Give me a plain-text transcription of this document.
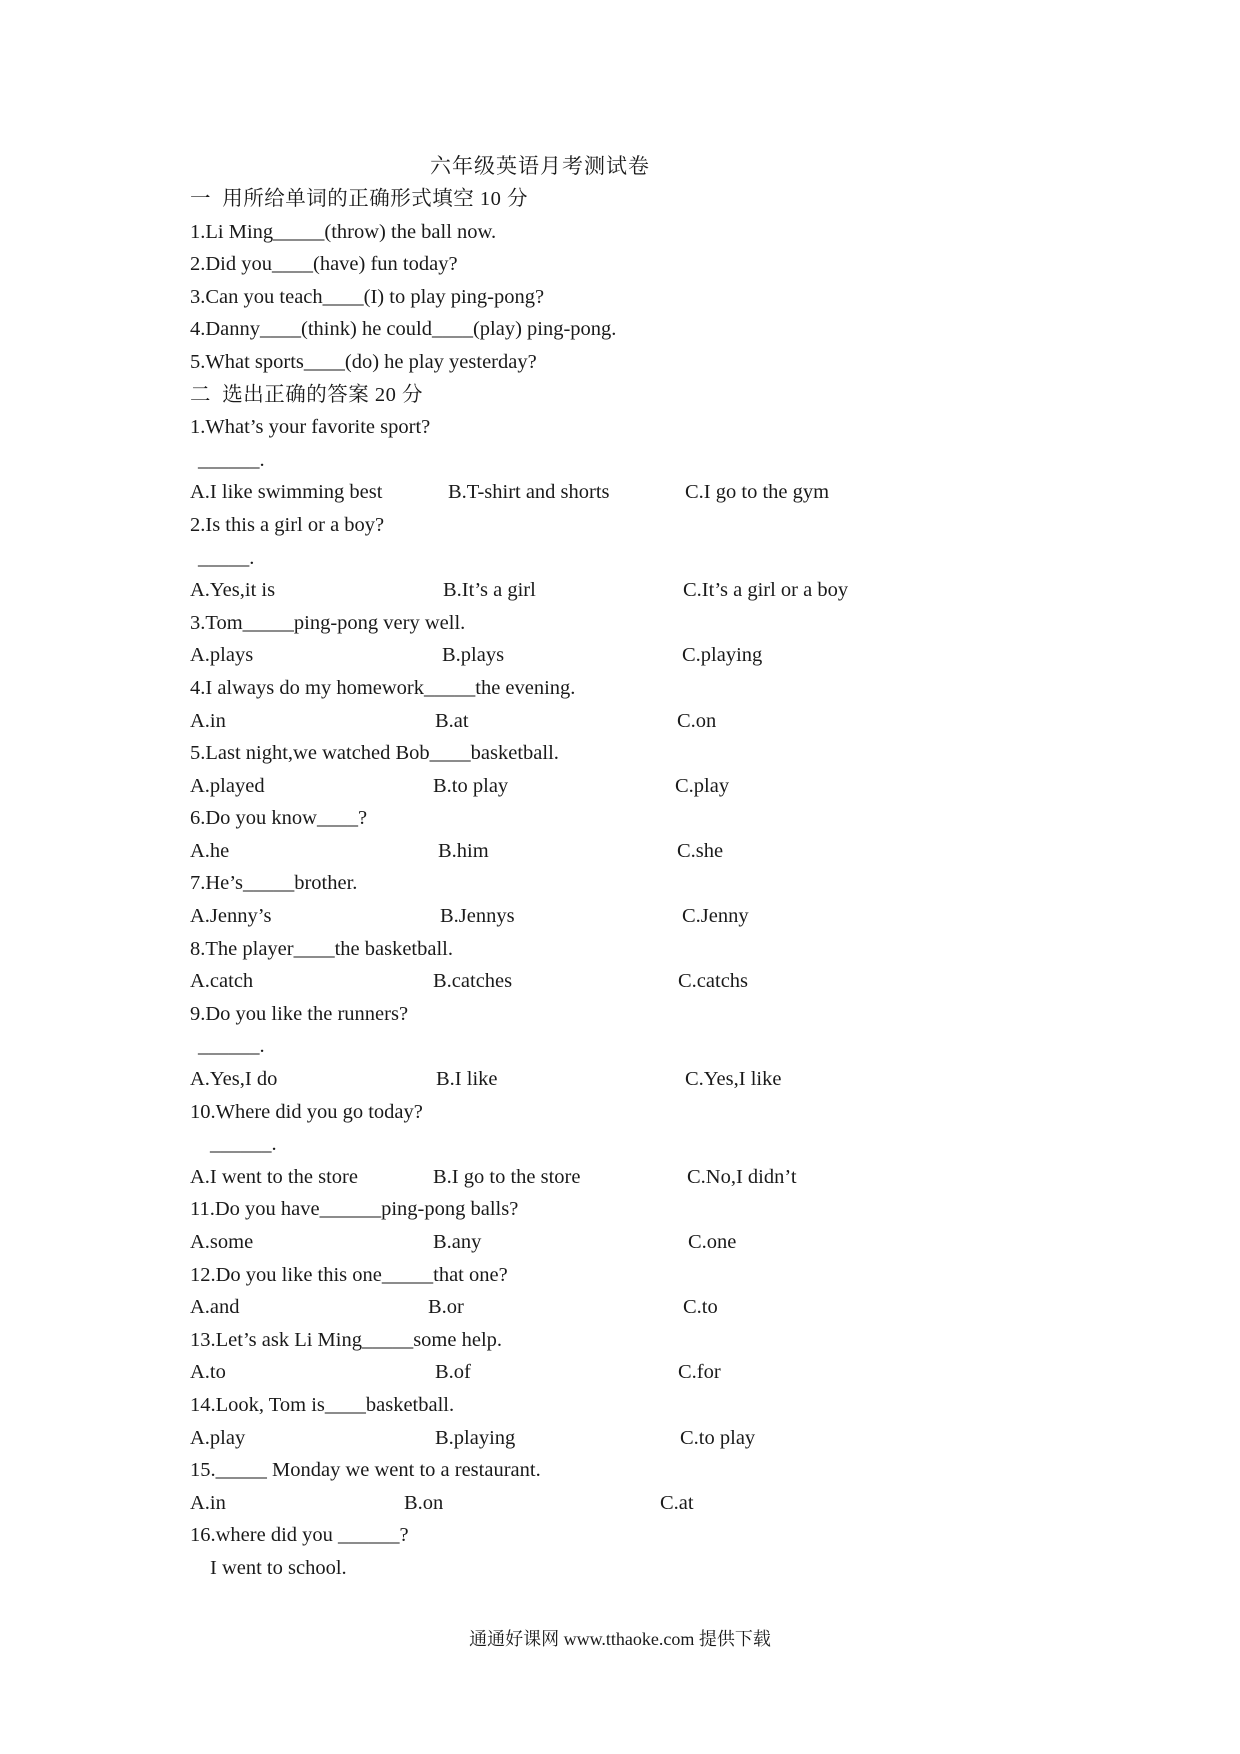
六年级英语月考测试卷
一  用所给单词的正确形式填空 10 分
1.Li Ming_____(throw) the ball now.
2.Did you____(have) fun today?
3.Can you teach____(I) to play ping-pong?
4.Danny____(think) he could____(play) ping-pong.
5.What sports____(do) he play yesterday?
二  选出正确的答案 20 分
1.What’s your favorite sport?
______.

A.I like swimming best

	B.T-shirt and shorts

	C.I go to the gym

2.Is this a girl or a boy?
_____.

A.Yes,it is

	B.It’s a girl

	C.It’s a girl or a boy

3.Tom_____ping-pong very well.

A.plays

	B.plays

	C.playing

4.I always do my homework_____the evening.

A.in

	B.at

	C.on

5.Last night,we watched Bob____basketball.

A.played

	B.to play

	C.play

6.Do you know____?

A.he

	B.him

	C.she

7.He’s_____brother.

A.Jenny’s

	B.Jennys

	C.Jenny

8.The player____the basketball.

A.catch

	B.catches

	C.catchs

9.Do you like the runners?
______.

A.Yes,I do

	B.I like

	C.Yes,I like

10.Where did you go today?
______.

A.I went to the store

	B.I go to the store

	C.No,I didn’t

11.Do you have______ping-pong balls?

A.some

	B.any

	C.one

12.Do you like this one_____that one?

A.and

	B.or

	C.to

13.Let’s ask Li Ming_____some help.

A.to

	B.of

	C.for

14.Look, Tom is____basketball.

A.play

	B.playing

	C.to play

15._____ Monday we went to a restaurant.

A.in

	B.on

	C.at

16.where did you ______?
I went to school.
通通好课网 www.tthaoke.com 提供下载
